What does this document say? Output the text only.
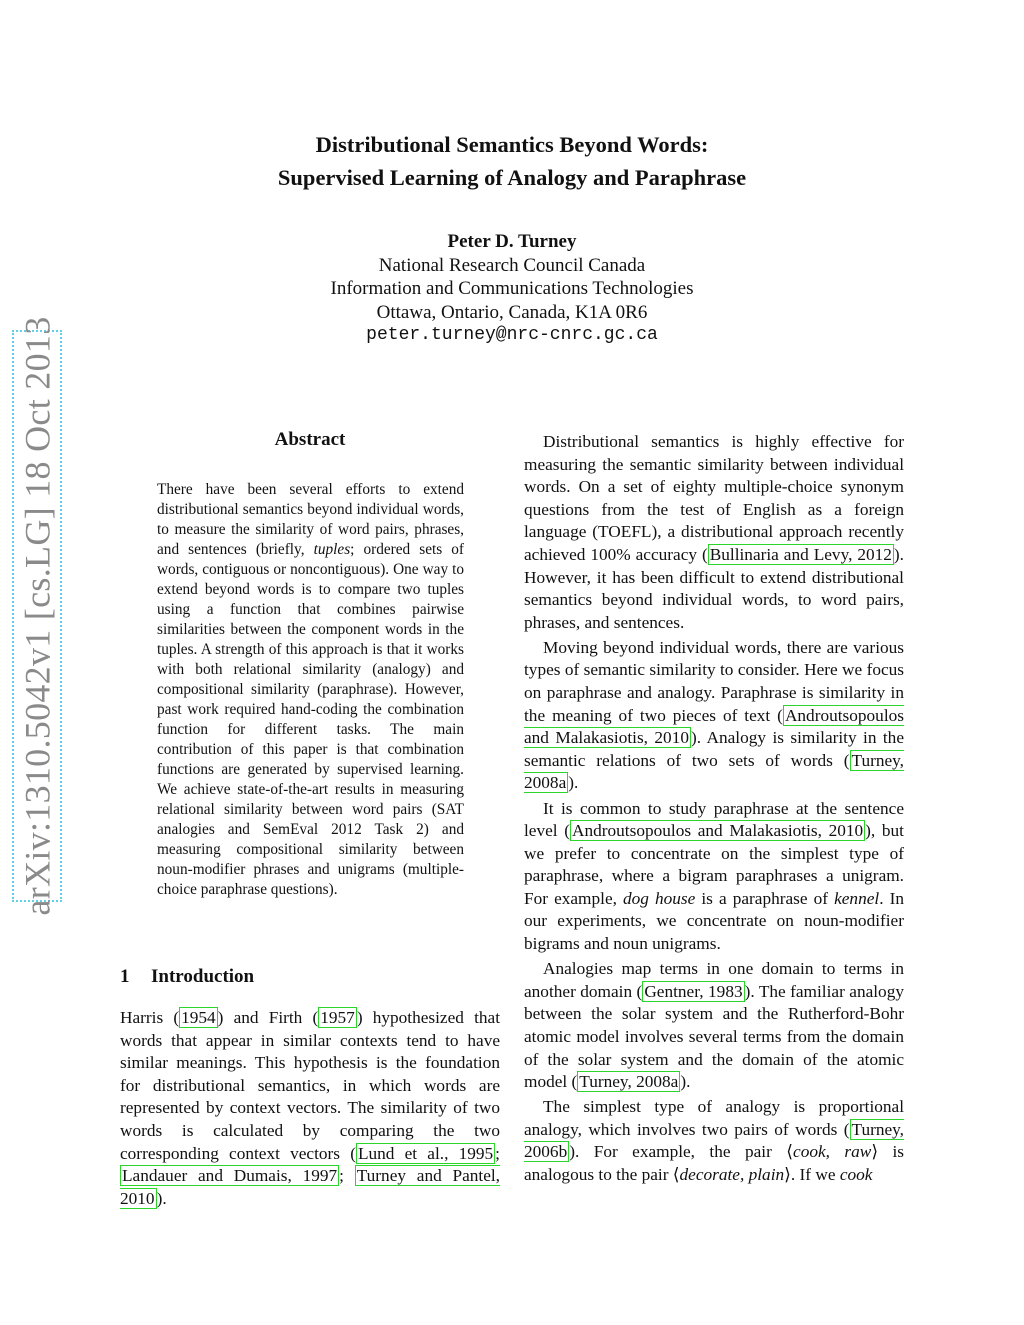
arXiv:1310.5042v1 [cs.LG] 18 Oct 2013
Distributional Semantics Beyond Words:
Supervised Learning of Analogy and Paraphrase
Peter D. Turney
National Research Council Canada
Information and Communications Technologies
Ottawa, Ontario, Canada, K1A 0R6
peter.turney@nrc-cnrc.gc.ca
Abstract
There have been several efforts to extend distributional semantics beyond individual words, to measure the similarity of word pairs, phrases, and sentences (briefly, tuples; ordered sets of words, contiguous or noncontiguous). One way to extend beyond words is to compare two tuples using a function that combines pairwise similarities between the component words in the tuples. A strength of this approach is that it works with both relational similarity (analogy) and compositional similarity (paraphrase). However, past work required hand-coding the combination function for different tasks. The main contribution of this paper is that combination functions are generated by supervised learning. We achieve state-of-the-art results in measuring relational similarity between word pairs (SAT analogies and SemEval 2012 Task 2) and measuring compositional similarity between noun-modifier phrases and unigrams (multiple-choice paraphrase questions).
1 Introduction

Harris ( 1954 ) and Firth ( 1957 ) hypothesized that words that appear in similar contexts tend to have similar meanings. This hypothesis is the foundation for distributional semantics, in which words are represented by context vectors. The similarity of two words is calculated by comparing the two corresponding context vectors ( Lund et al., 1995 ; Landauer and Dumais, 1997 ; Turney and Pantel, 2010 ).

Distributional semantics is highly effective for measuring the semantic similarity between individual words. On a set of eighty multiple-choice synonym questions from the test of English as a foreign language (TOEFL), a distributional approach recently achieved 100% accuracy ( Bullinaria and Levy, 2012 ). However, it has been difficult to extend distributional semantics beyond individual words, to word pairs, phrases, and sentences.

Moving beyond individual words, there are various types of semantic similarity to consider. Here we focus on paraphrase and analogy. Paraphrase is similarity in the meaning of two pieces of text ( Androutsopoulos and Malakasiotis, 2010 ). Analogy is similarity in the semantic relations of two sets of words ( Turney, 2008a ).

It is common to study paraphrase at the sentence level ( Androutsopoulos and Malakasiotis, 2010 ), but we prefer to concentrate on the simplest type of paraphrase, where a bigram paraphrases a unigram. For example, dog house is a paraphrase of kennel. In our experiments, we concentrate on noun-modifier bigrams and noun unigrams.

Analogies map terms in one domain to terms in another domain ( Gentner, 1983 ). The familiar analogy between the solar system and the Rutherford-Bohr atomic model involves several terms from the domain of the solar system and the domain of the atomic model ( Turney, 2008a ).

The simplest type of analogy is proportional analogy, which involves two pairs of words ( Turney, 2006b ). For example, the pair ⟨cook, raw⟩ is analogous to the pair ⟨decorate, plain⟩. If we cook
